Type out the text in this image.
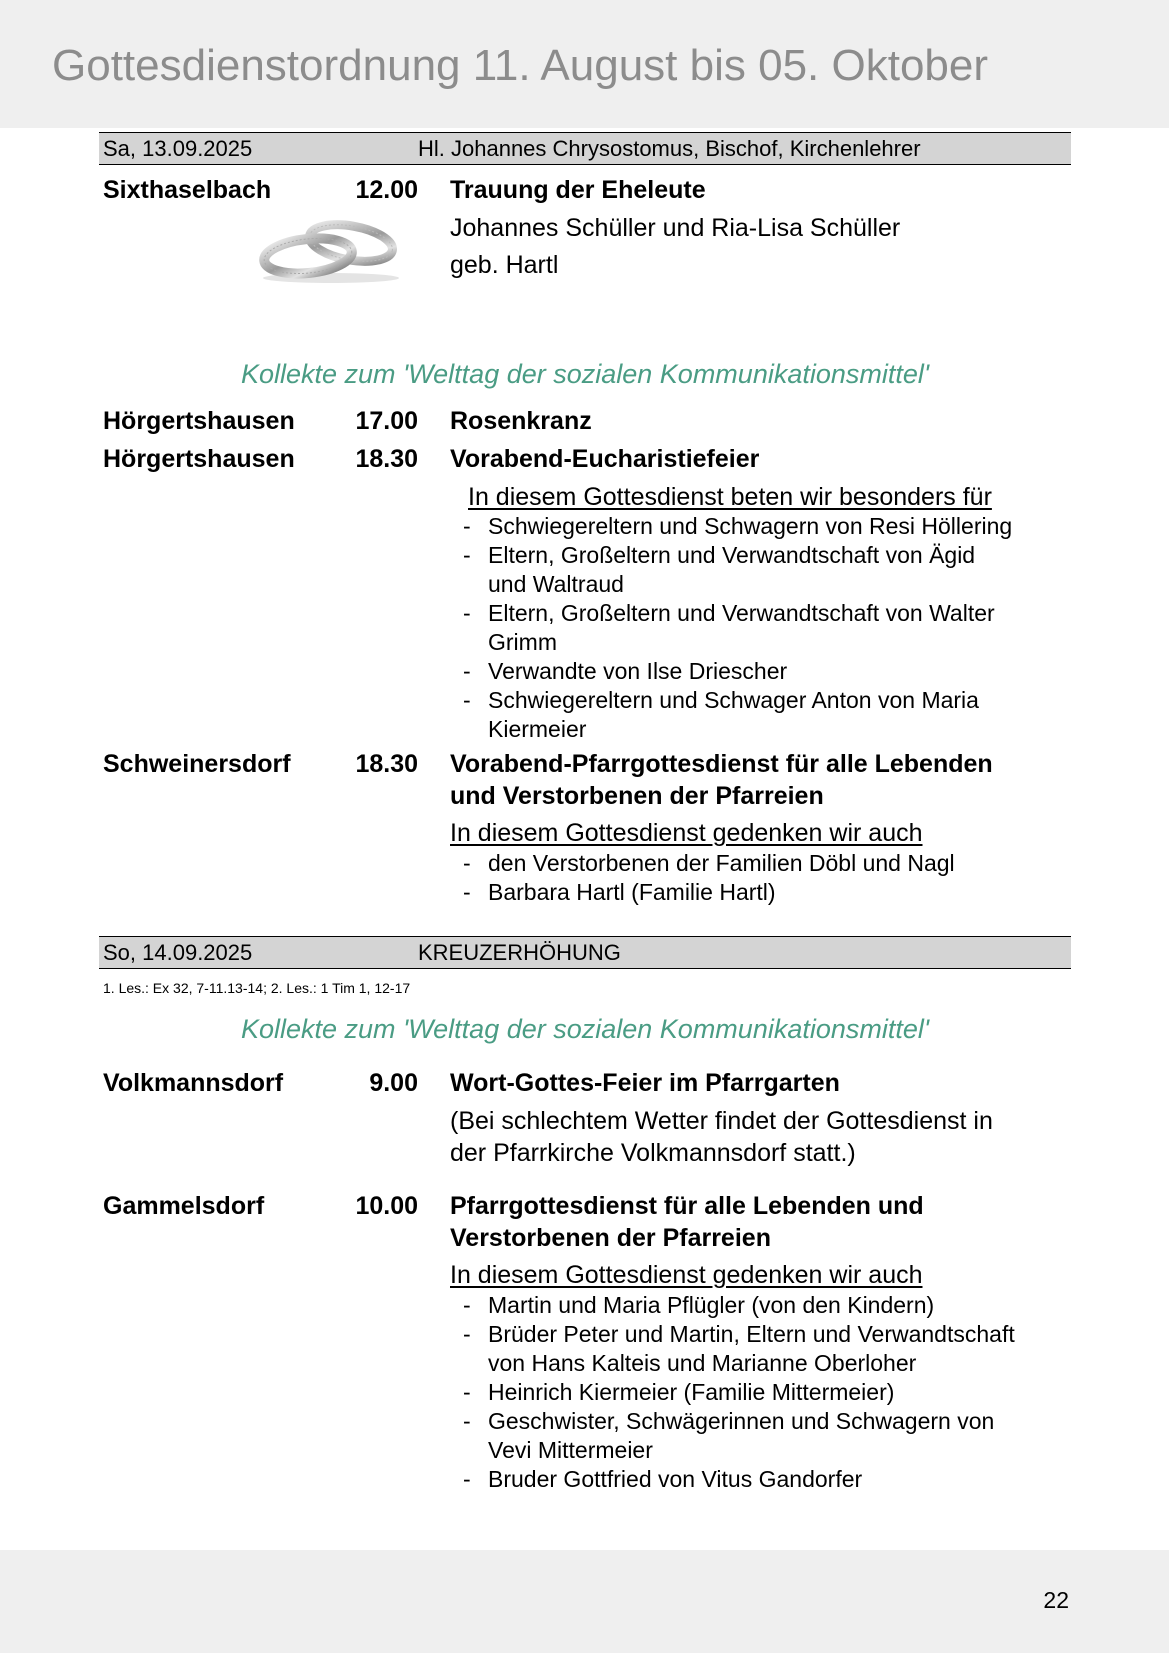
Gottesdienstordnung 11. August bis 05. Oktober
Sa, 13.09.2025	Hl. Johannes Chrysostomus, Bischof, Kirchenlehrer
Sixthaselbach	12.00 Trauung der Eheleute
Johannes Schüller und Ria-Lisa Schüller
geb. Hartl
Kollekte zum 'Welttag der sozialen Kommunikationsmittel'
Hörgertshausen	17.00 Rosenkranz
Hörgertshausen	18.30 Vorabend-Eucharistiefeier
In diesem Gottesdienst beten wir besonders für
- Schwiegereltern und Schwagern von Resi Höllering
- Eltern, Großeltern und Verwandtschaft von Ägid
und Waltraud
- Eltern, Großeltern und Verwandtschaft von Walter
Grimm
- Verwandte von Ilse Driescher
- Schwiegereltern und Schwager Anton von Maria
Kiermeier
Schweinersdorf	18.30 Vorabend-Pfarrgottesdienst für alle Lebenden
und Verstorbenen der Pfarreien
In diesem Gottesdienst gedenken wir auch
- den Verstorbenen der Familien Döbl und Nagl
- Barbara Hartl (Familie Hartl)
So, 14.09.2025	KREUZERHÖHUNG
1. Les.: Ex 32, 7-11.13-14; 2. Les.: 1 Tim 1, 12-17
Kollekte zum 'Welttag der sozialen Kommunikationsmittel'
Volkmannsdorf	9.00 Wort-Gottes-Feier im Pfarrgarten
(Bei schlechtem Wetter findet der Gottesdienst in
der Pfarrkirche Volkmannsdorf statt.)
Gammelsdorf	10.00 Pfarrgottesdienst für alle Lebenden und
Verstorbenen der Pfarreien
In diesem Gottesdienst gedenken wir auch
- Martin und Maria Pflügler (von den Kindern)
- Brüder Peter und Martin, Eltern und Verwandtschaft
von Hans Kalteis und Marianne Oberloher
- Heinrich Kiermeier (Familie Mittermeier)
- Geschwister, Schwägerinnen und Schwagern von
Vevi Mittermeier
- Bruder Gottfried von Vitus Gandorfer
22
